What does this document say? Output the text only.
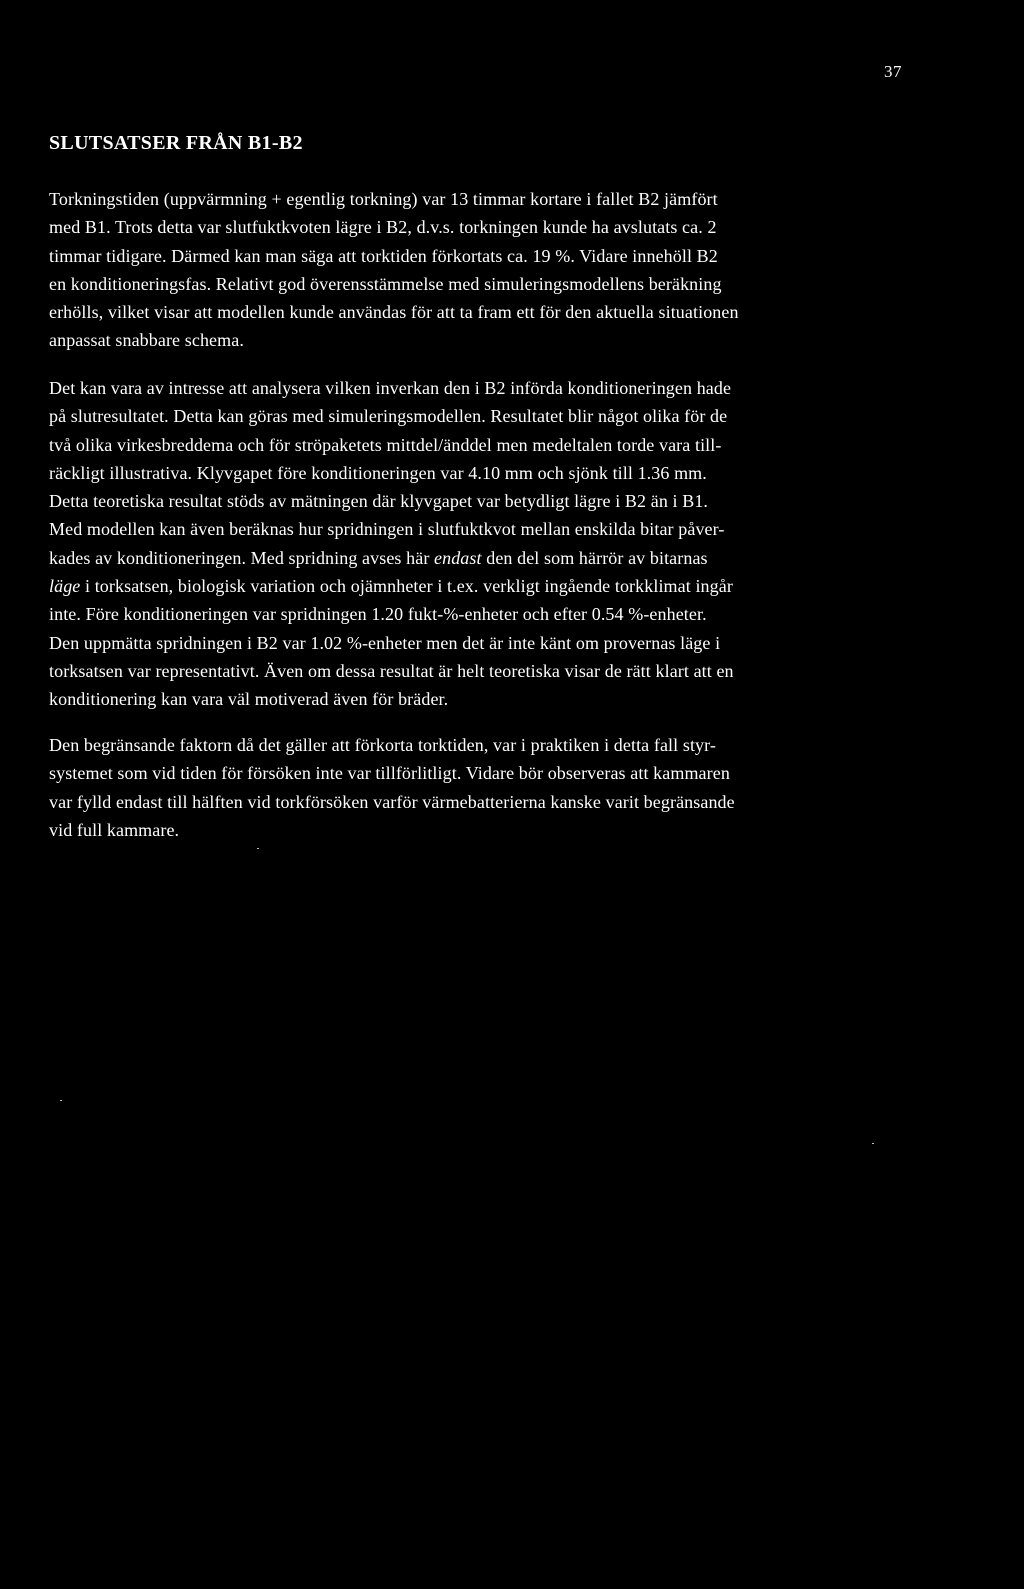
37
SLUTSATSER FRÅN B1-B2

Torkningstiden (uppvärmning + egentlig torkning) var 13 timmar kortare i fallet B2 jämfört
med B1. Trots detta var slutfuktkvoten lägre i B2, d.v.s. torkningen kunde ha avslutats ca. 2
timmar tidigare. Därmed kan man säga att torktiden förkortats ca. 19 %. Vidare innehöll B2
en konditioneringsfas. Relativt god överensstämmelse med simuleringsmodellens beräkning
erhölls, vilket visar att modellen kunde användas för att ta fram ett för den aktuella situationen
anpassat snabbare schema.

Det kan vara av intresse att analysera vilken inverkan den i B2 införda konditioneringen hade
på slutresultatet. Detta kan göras med simuleringsmodellen. Resultatet blir något olika för de
två olika virkesbreddema och för ströpaketets mittdel/änddel men medeltalen torde vara till-
räckligt illustrativa. Klyvgapet före konditioneringen var 4.10 mm och sjönk till 1.36 mm.
Detta teoretiska resultat stöds av mätningen där klyvgapet var betydligt lägre i B2 än i B1.
Med modellen kan även beräknas hur spridningen i slutfuktkvot mellan enskilda bitar påver-
kades av konditioneringen. Med spridning avses här endast den del som härrör av bitarnas
läge i torksatsen, biologisk variation och ojämnheter i t.ex. verkligt ingående torkklimat ingår
inte. Före konditioneringen var spridningen 1.20 fukt-%-enheter och efter 0.54 %-enheter.
Den uppmätta spridningen i B2 var 1.02 %-enheter men det är inte känt om provernas läge i
torksatsen var representativt. Även om dessa resultat är helt teoretiska visar de rätt klart att en
konditionering kan vara väl motiverad även för bräder.

Den begränsande faktorn då det gäller att förkorta torktiden, var i praktiken i detta fall styr-
systemet som vid tiden för försöken inte var tillförlitligt. Vidare bör observeras att kammaren
var fylld endast till hälften vid torkförsöken varför värmebatterierna kanske varit begränsande
vid full kammare.
